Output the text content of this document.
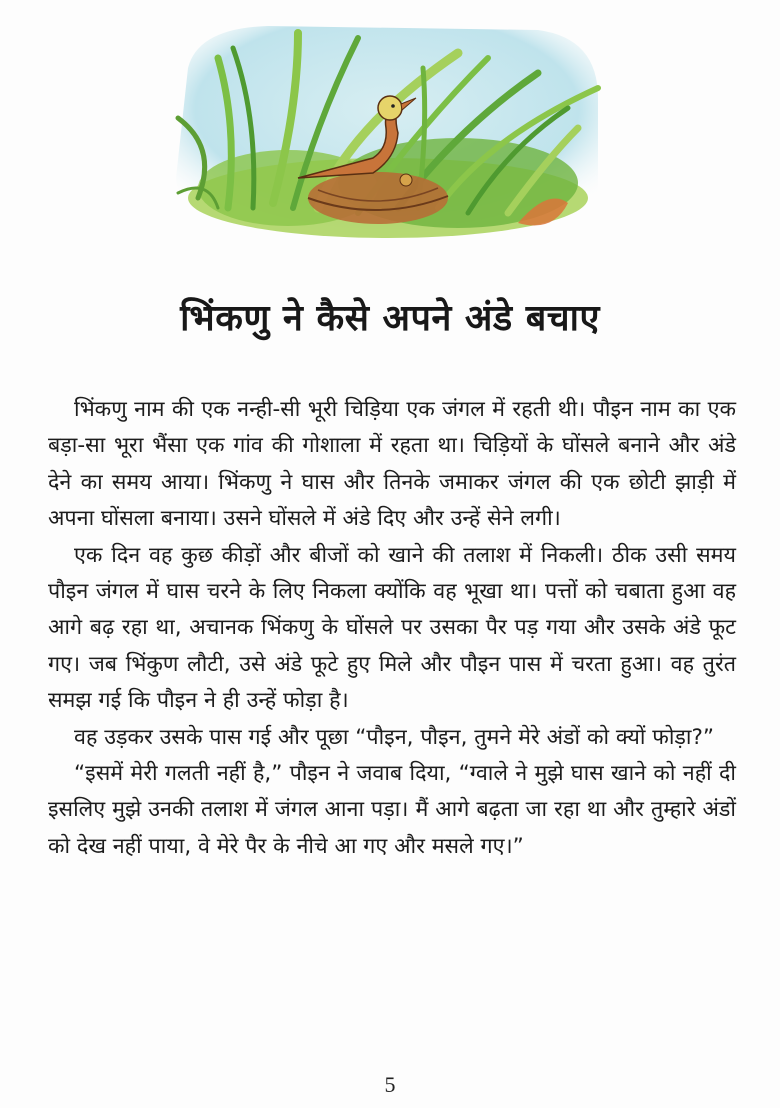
भिंकणु ने कैसे अपने अंडे बचाए

भिंकणु नाम की एक नन्ही-सी भूरी चिड़िया एक जंगल में रहती थी। पौइन नाम का एक बड़ा-सा भूरा भैंसा एक गांव की गोशाला में रहता था। चिड़ियों के घोंसले बनाने और अंडे देने का समय आया। भिंकणु ने घास और तिनके जमाकर जंगल की एक छोटी झाड़ी में अपना घोंसला बनाया। उसने घोंसले में अंडे दिए और उन्हें सेने लगी।

एक दिन वह कुछ कीड़ों और बीजों को खाने की तलाश में निकली। ठीक उसी समय पौइन जंगल में घास चरने के लिए निकला क्योंकि वह भूखा था। पत्तों को चबाता हुआ वह आगे बढ़ रहा था, अचानक भिंकणु के घोंसले पर उसका पैर पड़ गया और उसके अंडे फूट गए। जब भिंकुण लौटी, उसे अंडे फूटे हुए मिले और पौइन पास में चरता हुआ। वह तुरंत समझ गई कि पौइन ने ही उन्हें फोड़ा है।

वह उड़कर उसके पास गई और पूछा “पौइन, पौइन, तुमने मेरे अंडों को क्यों फोड़ा?”

“इसमें मेरी गलती नहीं है,” पौइन ने जवाब दिया, “ग्वाले ने मुझे घास खाने को नहीं दी इसलिए मुझे उनकी तलाश में जंगल आना पड़ा। मैं आगे बढ़ता जा रहा था और तुम्हारे अंडों को देख नहीं पाया, वे मेरे पैर के नीचे आ गए और मसले गए।”

5
